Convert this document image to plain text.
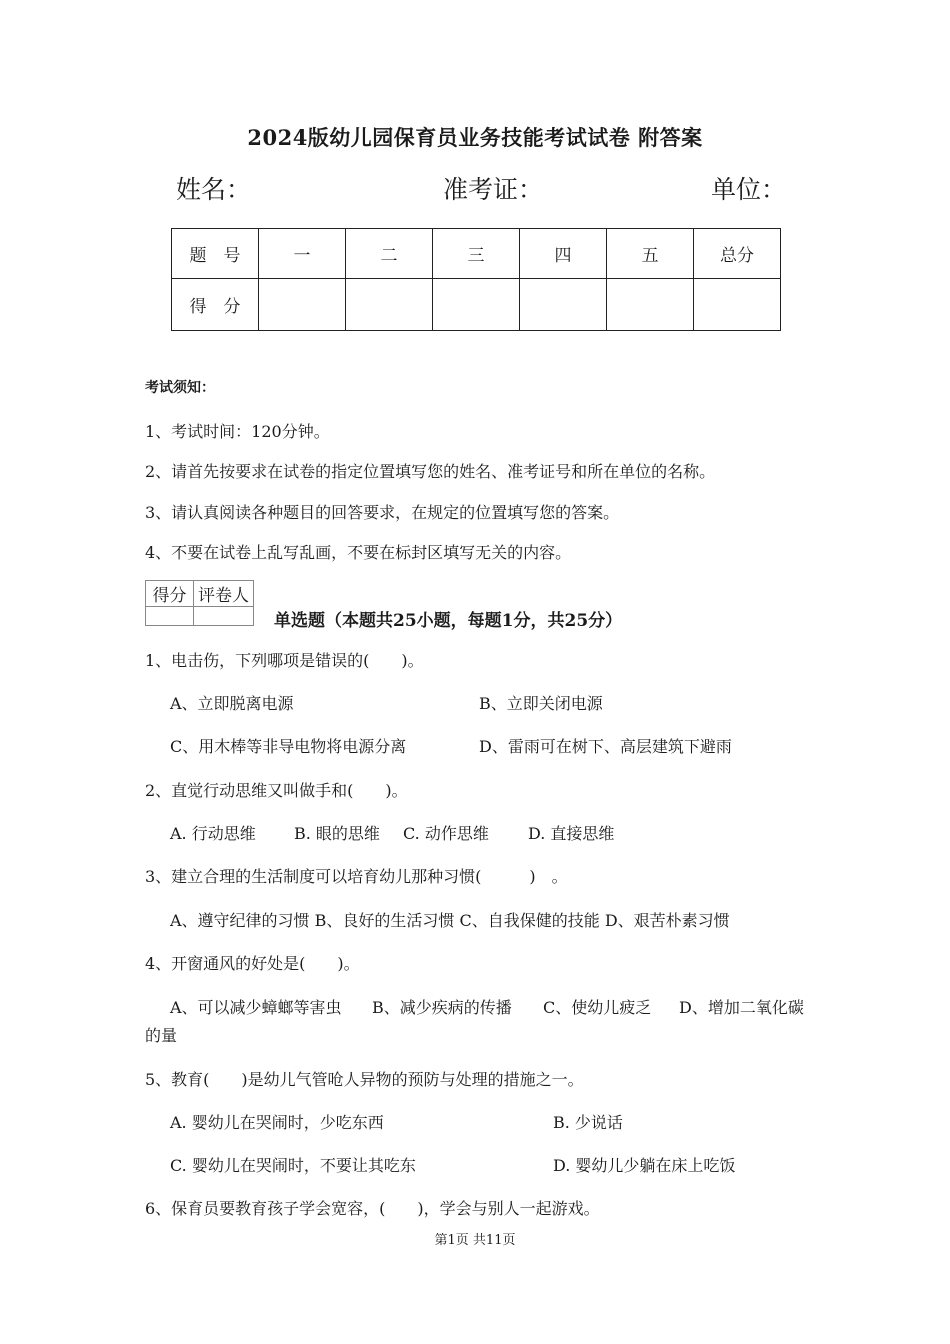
2024版幼儿园保育员业务技能考试试卷 附答案
姓名：	准考证：	单位：
题　号	一	二	三	四	五	总分
得　分						
考试须知：
1、考试时间：120分钟。
2、请首先按要求在试卷的指定位置填写您的姓名、准考证号和所在单位的名称。
3、请认真阅读各种题目的回答要求，在规定的位置填写您的答案。
4、不要在试卷上乱写乱画，不要在标封区填写无关的内容。
得分	评卷人

单选题（本题共25小题，每题1分，共25分）
1、电击伤，下列哪项是错误的(　　)。
A、立即脱离电源	B、立即关闭电源
C、用木棒等非导电物将电源分离	D、雷雨可在树下、高层建筑下避雨
2、直觉行动思维又叫做手和(　　)。
A. 行动思维 B. 眼的思维 C. 动作思维 D. 直接思维
3、建立合理的生活制度可以培育幼儿那种习惯(　　　)　。
A、遵守纪律的习惯 B、良好的生活习惯 C、自我保健的技能 D、艰苦朴素习惯
4、开窗通风的好处是(　　)。
A、可以减少蟑螂等害虫 B、减少疾病的传播 C、使幼儿疲乏 D、增加二氧化碳
的量
5、教育(　　)是幼儿气管呛人异物的预防与处理的措施之一。
A. 婴幼儿在哭闹时，少吃东西	B. 少说话
C. 婴幼儿在哭闹时，不要让其吃东	D. 婴幼儿少躺在床上吃饭
6、保育员要教育孩子学会宽容，(　　)，学会与别人一起游戏。
第1页 共11页
